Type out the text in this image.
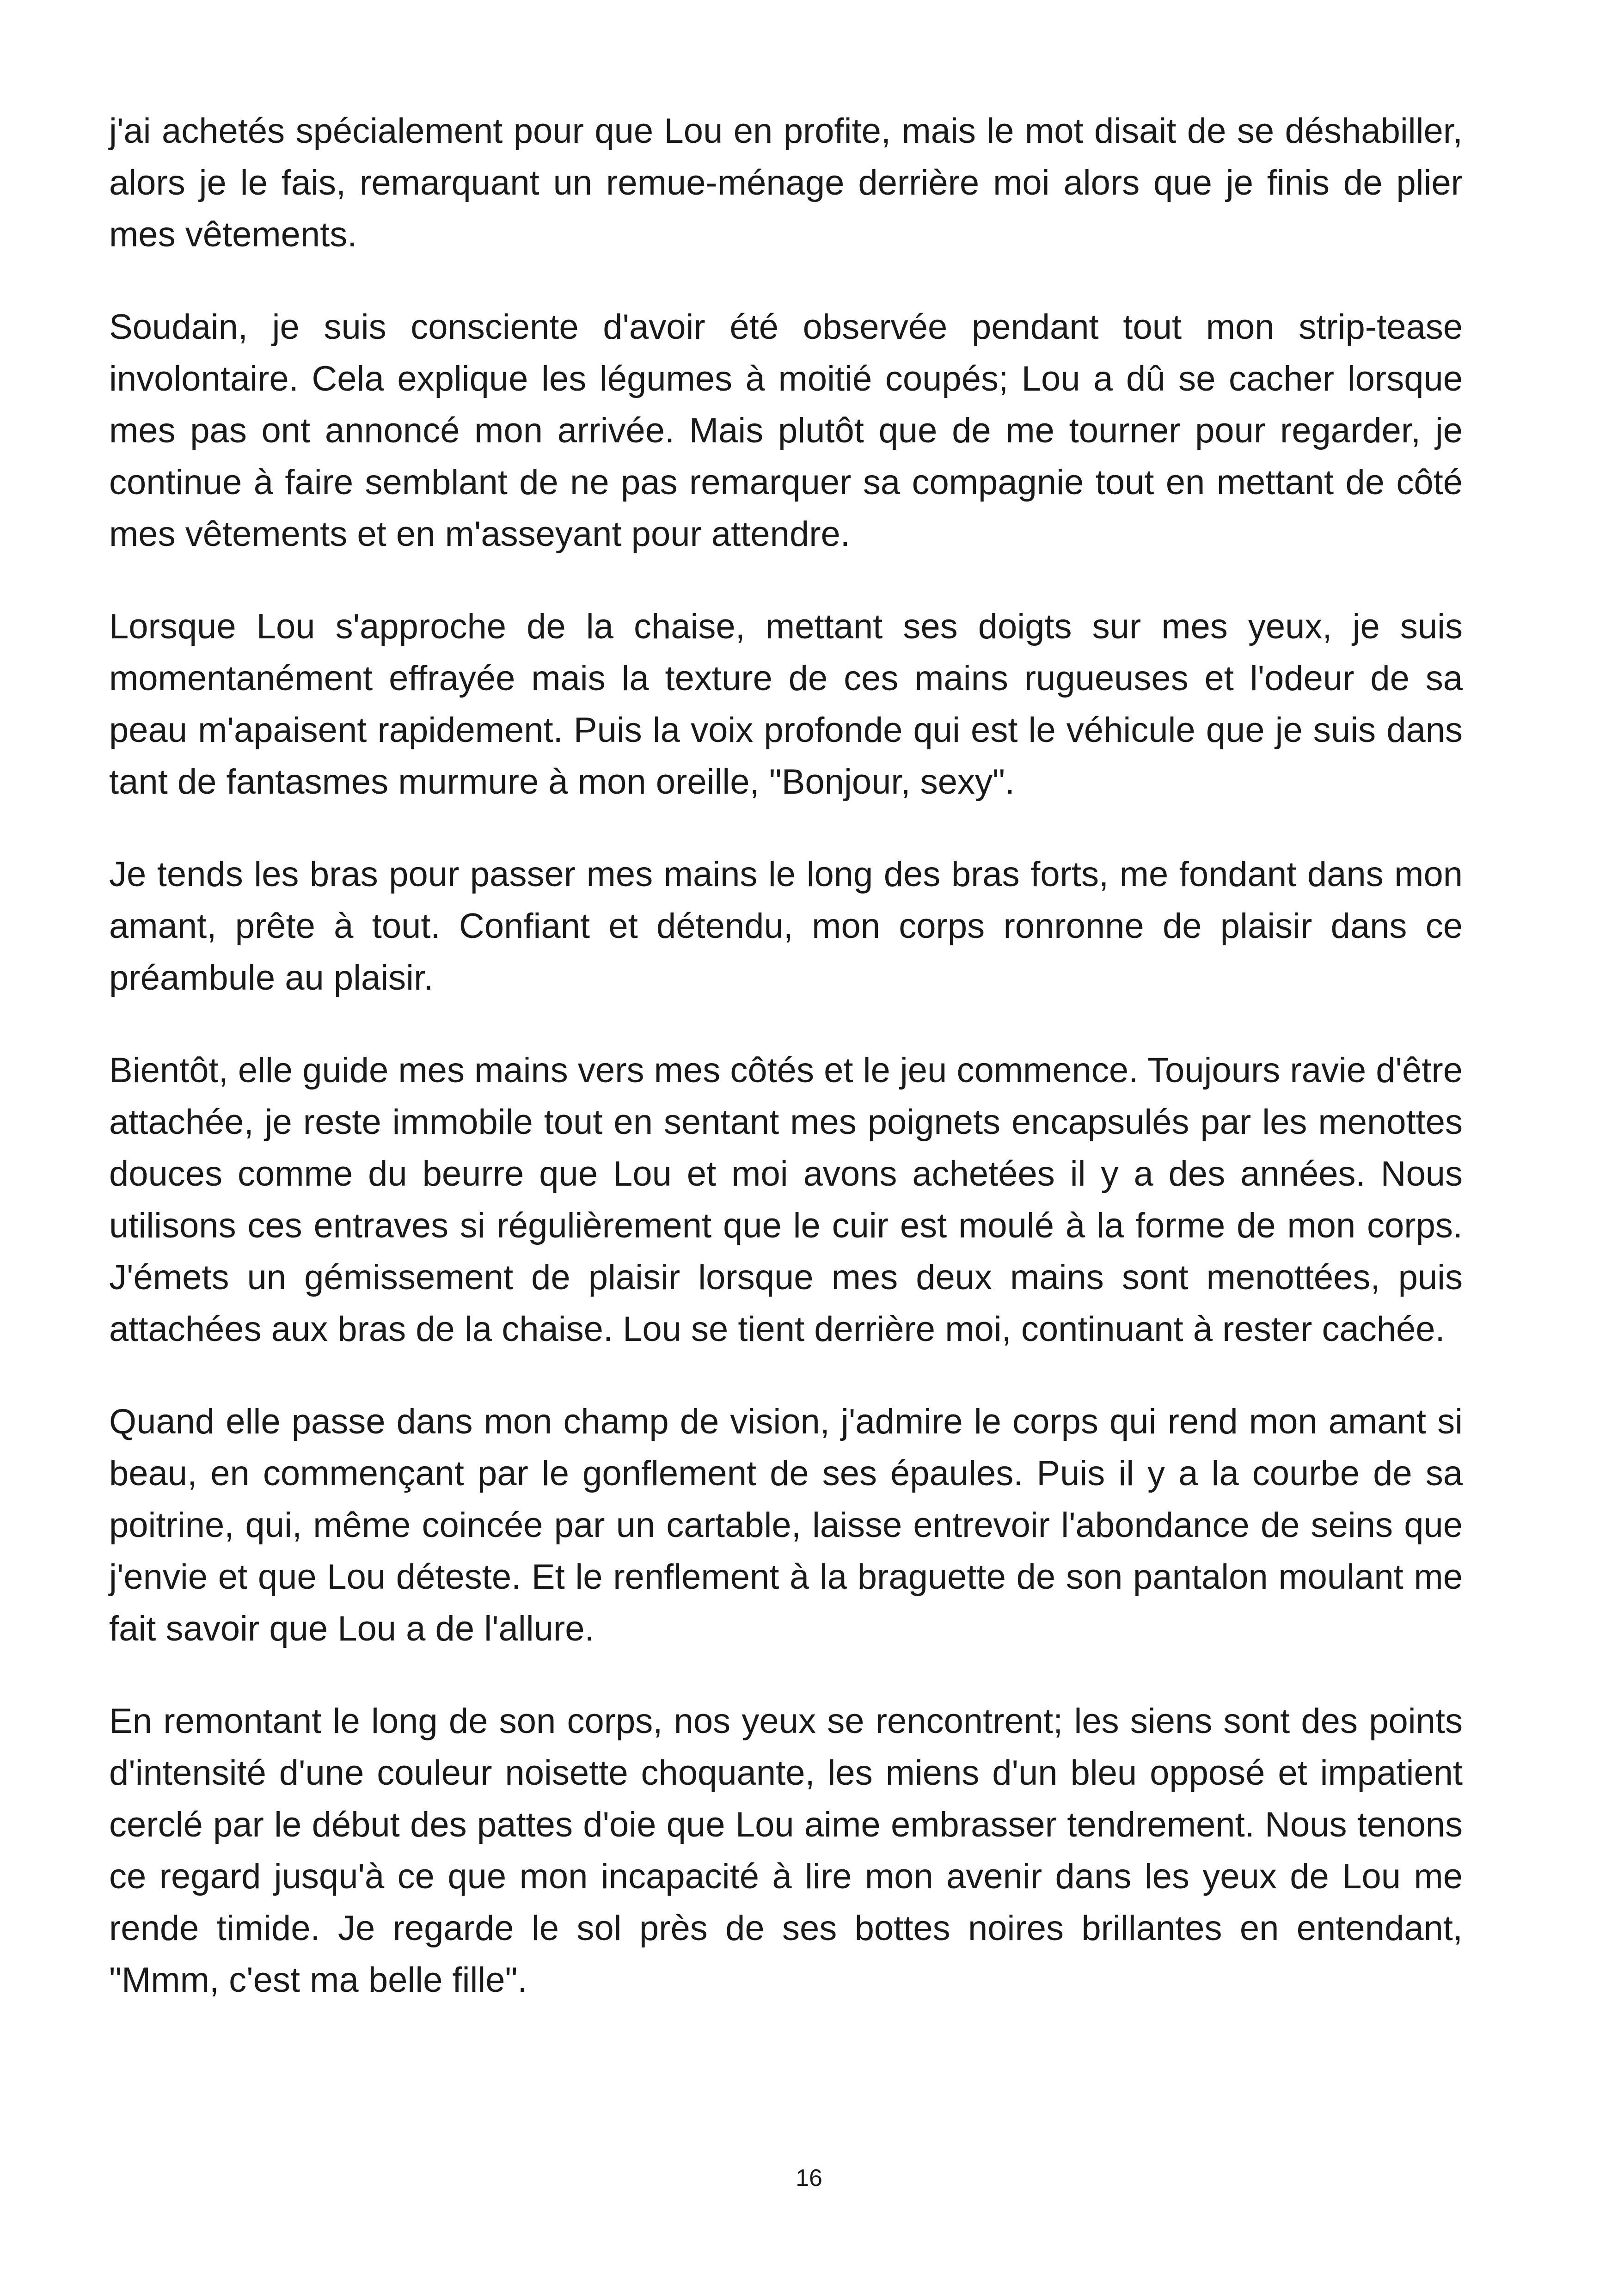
j'ai achetés spécialement pour que Lou en profite, mais le mot disait de se déshabiller, alors je le fais, remarquant un remue-ménage derrière moi alors que je finis de plier mes vêtements.

Soudain, je suis consciente d'avoir été observée pendant tout mon strip-tease involontaire. Cela explique les légumes à moitié coupés; Lou a dû se cacher lorsque mes pas ont annoncé mon arrivée. Mais plutôt que de me tourner pour regarder, je continue à faire semblant de ne pas remarquer sa compagnie tout en mettant de côté mes vêtements et en m'asseyant pour attendre.

Lorsque Lou s'approche de la chaise, mettant ses doigts sur mes yeux, je suis momentanément effrayée mais la texture de ces mains rugueuses et l'odeur de sa peau m'apaisent rapidement. Puis la voix profonde qui est le véhicule que je suis dans tant de fantasmes murmure à mon oreille, "Bonjour, sexy".

Je tends les bras pour passer mes mains le long des bras forts, me fondant dans mon amant, prête à tout. Confiant et détendu, mon corps ronronne de plaisir dans ce préambule au plaisir.

Bientôt, elle guide mes mains vers mes côtés et le jeu commence. Toujours ravie d'être attachée, je reste immobile tout en sentant mes poignets encapsulés par les menottes douces comme du beurre que Lou et moi avons achetées il y a des années. Nous utilisons ces entraves si régulièrement que le cuir est moulé à la forme de mon corps. J'émets un gémissement de plaisir lorsque mes deux mains sont menottées, puis attachées aux bras de la chaise. Lou se tient derrière moi, continuant à rester cachée.

Quand elle passe dans mon champ de vision, j'admire le corps qui rend mon amant si beau, en commençant par le gonflement de ses épaules. Puis il y a la courbe de sa poitrine, qui, même coincée par un cartable, laisse entrevoir l'abondance de seins que j'envie et que Lou déteste. Et le renflement à la braguette de son pantalon moulant me fait savoir que Lou a de l'allure.

En remontant le long de son corps, nos yeux se rencontrent; les siens sont des points d'intensité d'une couleur noisette choquante, les miens d'un bleu opposé et impatient cerclé par le début des pattes d'oie que Lou aime embrasser tendrement. Nous tenons ce regard jusqu'à ce que mon incapacité à lire mon avenir dans les yeux de Lou me rende timide. Je regarde le sol près de ses bottes noires brillantes en entendant, "Mmm, c'est ma belle fille".

16
